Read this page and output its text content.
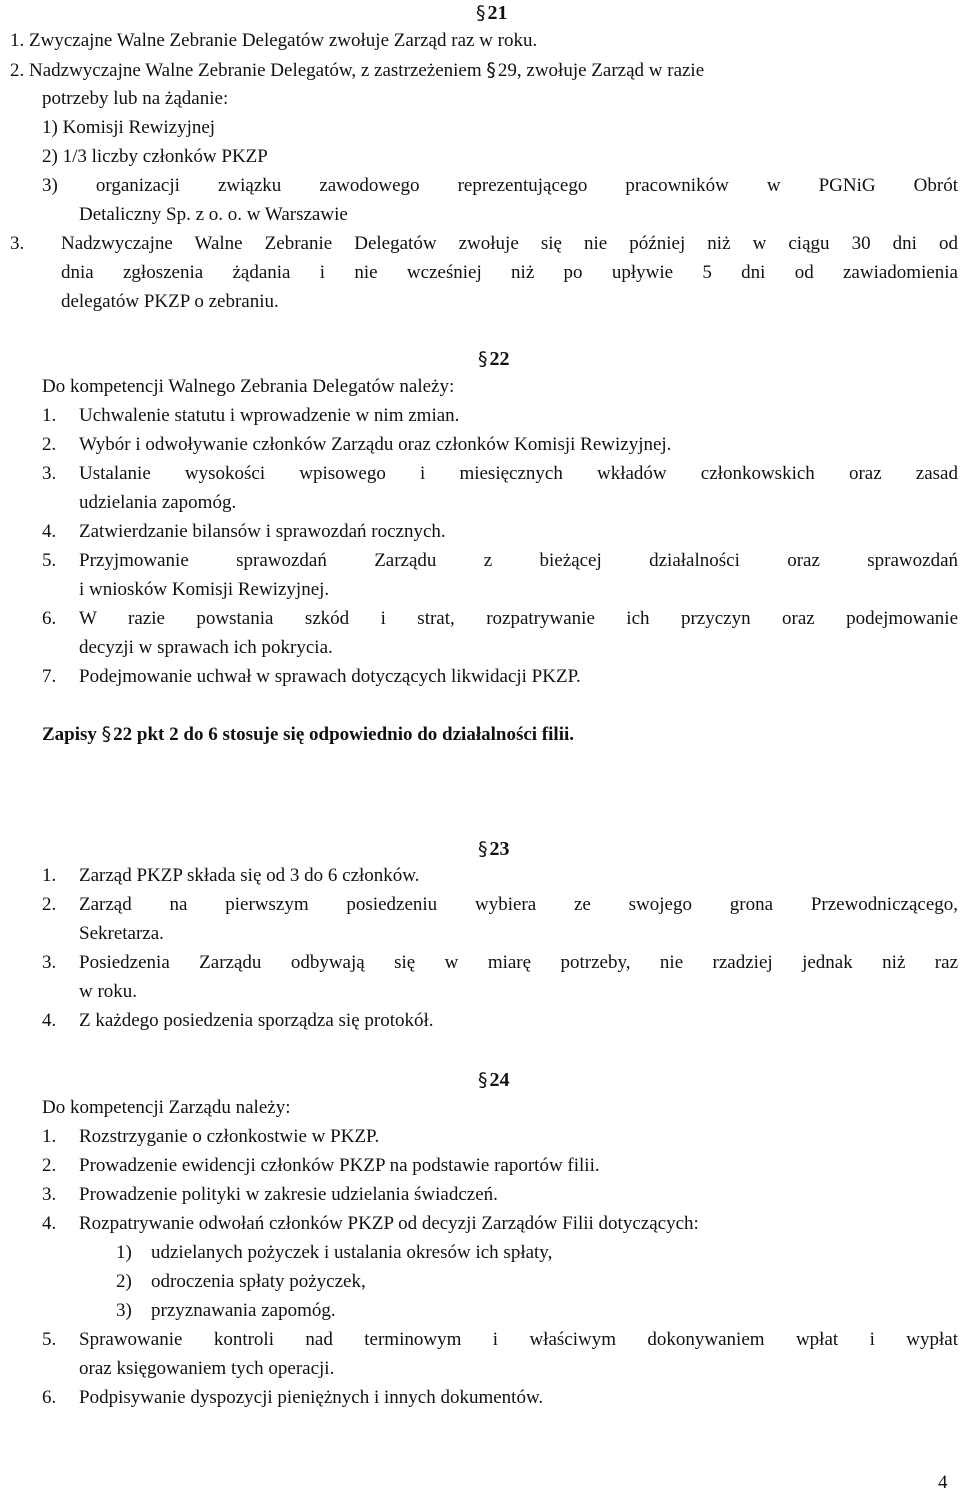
§ 21
1. Zwyczajne Walne Zebranie Delegatów zwołuje Zarząd raz w roku.
2. Nadzwyczajne Walne Zebranie Delegatów, z zastrzeżeniem § 29, zwołuje Zarząd w razie
potrzeby lub na żądanie:
1) Komisji Rewizyjnej
2) 1/3 liczby członków PKZP
3) organizacji związku zawodowego reprezentującego pracowników w PGNiG Obrót
Detaliczny Sp. z o. o. w Warszawie
3. Nadzwyczajne Walne Zebranie Delegatów zwołuje się nie później niż w ciągu 30 dni od
dnia zgłoszenia żądania i nie wcześniej niż po upływie 5 dni od zawiadomienia
delegatów PKZP o zebraniu.
§ 22
Do kompetencji Walnego Zebrania Delegatów należy:
1. Uchwalenie statutu i wprowadzenie w nim zmian.
2. Wybór i odwoływanie członków Zarządu oraz członków Komisji Rewizyjnej.
3. Ustalanie wysokości wpisowego i miesięcznych wkładów członkowskich oraz zasad
udzielania zapomóg.
4. Zatwierdzanie bilansów i sprawozdań rocznych.
5. Przyjmowanie sprawozdań Zarządu z bieżącej działalności oraz sprawozdań
i wniosków Komisji Rewizyjnej.
6. W razie powstania szkód i strat, rozpatrywanie ich przyczyn oraz podejmowanie
decyzji w sprawach ich pokrycia.
7. Podejmowanie uchwał w sprawach dotyczących likwidacji PKZP.
Zapisy § 22 pkt 2 do 6 stosuje się odpowiednio do działalności filii.
§ 23
1. Zarząd PKZP składa się od 3 do 6 członków.
2. Zarząd na pierwszym posiedzeniu wybiera ze swojego grona Przewodniczącego,
Sekretarza.
3. Posiedzenia Zarządu odbywają się w miarę potrzeby, nie rzadziej jednak niż raz
w roku.
4. Z każdego posiedzenia sporządza się protokół.
§ 24
Do kompetencji Zarządu należy:
1. Rozstrzyganie o członkostwie w PKZP.
2. Prowadzenie ewidencji członków PKZP na podstawie raportów filii.
3. Prowadzenie polityki w zakresie udzielania świadczeń.
4. Rozpatrywanie odwołań członków PKZP od decyzji Zarządów Filii dotyczących:
1) udzielanych pożyczek i ustalania okresów ich spłaty,
2) odroczenia spłaty pożyczek,
3) przyznawania zapomóg.
5. Sprawowanie kontroli nad terminowym i właściwym dokonywaniem wpłat i wypłat
oraz księgowaniem tych operacji.
6. Podpisywanie dyspozycji pieniężnych i innych dokumentów.
4
